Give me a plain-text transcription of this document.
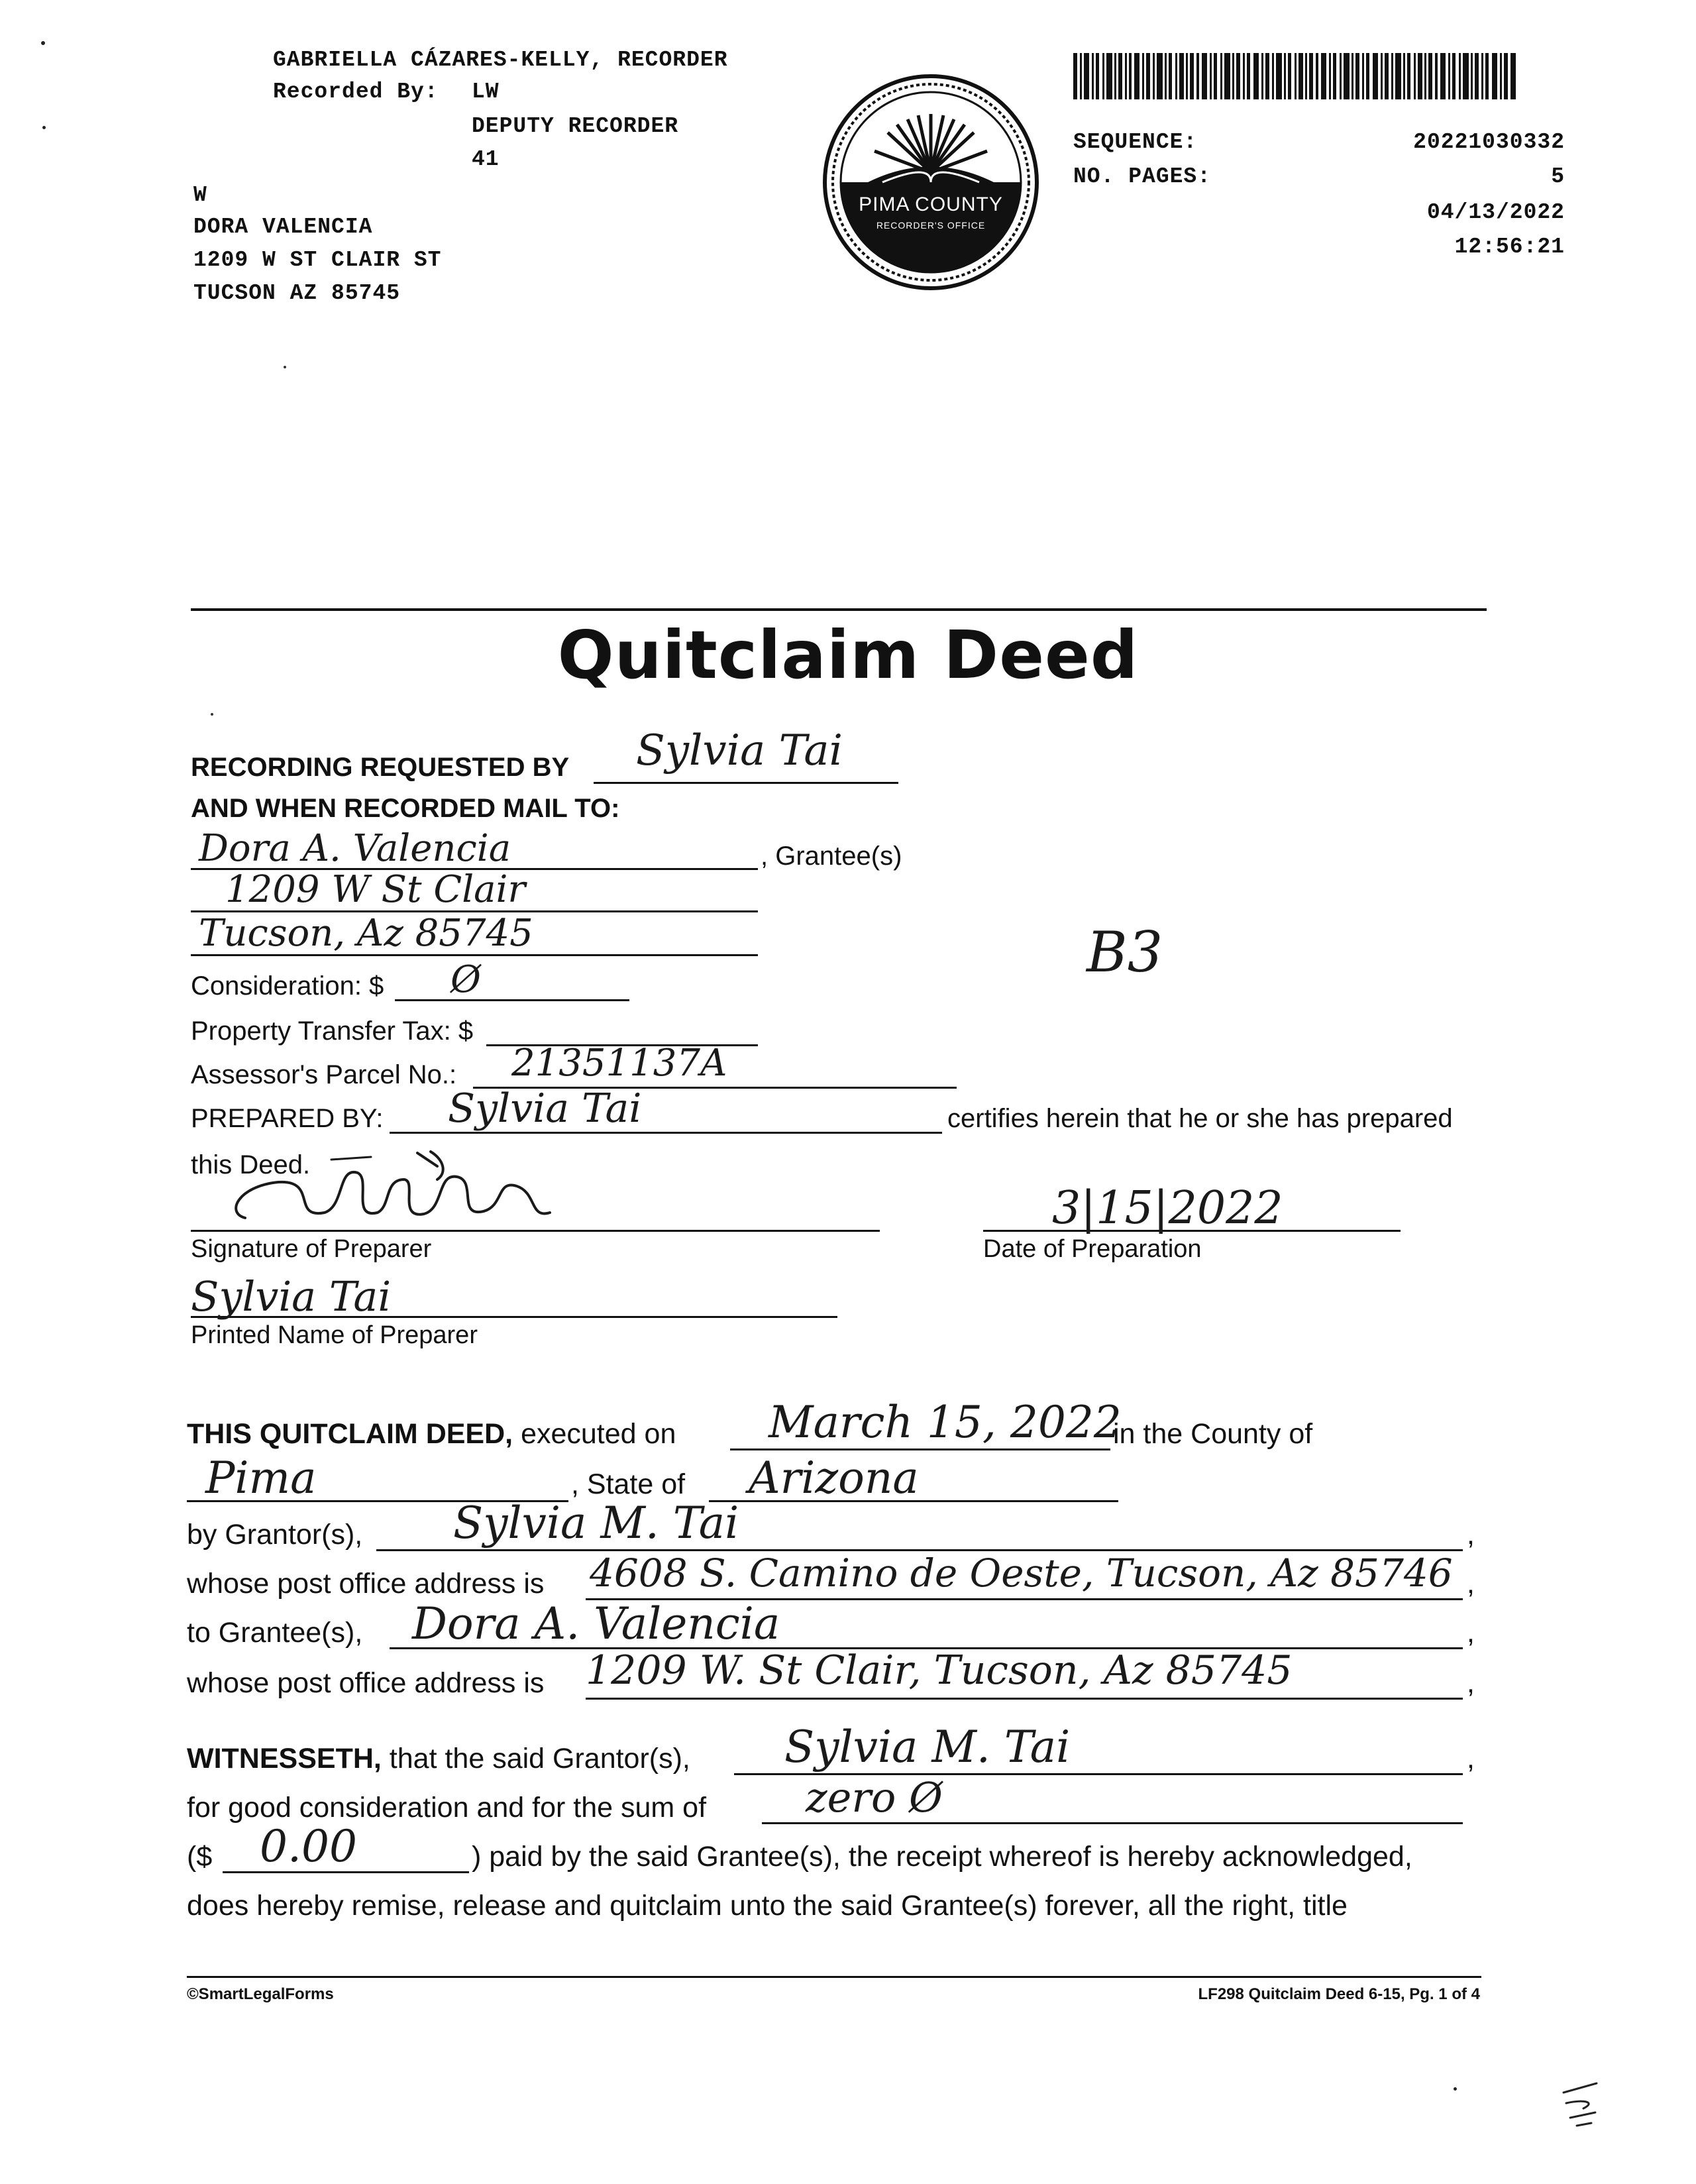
GABRIELLA CÁZARES-KELLY, RECORDER
Recorded By: LW
DEPUTY RECORDER
41
W
DORA VALENCIA
1209 W ST CLAIR ST
TUCSON AZ 85745
PIMA COUNTY
RECORDER'S OFFICE
SEQUENCE:	20221030332
NO. PAGES:	5
04/13/2022
12:56:21
Quitclaim Deed
RECORDING REQUESTED BY Sylvia Tai
AND WHEN RECORDED MAIL TO:
Dora A. Valencia	, Grantee(s)
1209 W St Clair
Tucson, Az 85745	B3
Consideration: $ Ø
Property Transfer Tax: $
Assessor's Parcel No.: 21351137A
PREPARED BY: Sylvia Tai	certifies herein that he or she has prepared
this Deed.
Signature of Preparer
3|15|2022
Date of Preparation
Sylvia Tai
Printed Name of Preparer
THIS QUITCLAIM DEED, executed on March 15, 2022
in the County of
Pima	, State of Arizona
by Grantor(s), Sylvia M. Tai	,
whose post office address is 4608 S. Camino de Oeste, Tucson, Az 85746 ,
to Grantee(s), Dora A. Valencia	,
whose post office address is 1209 W. St Clair, Tucson, Az 85745	,
WITNESSETH, that the said Grantor(s), Sylvia M. Tai	,
for good consideration and for the sum of zero Ø
($ 0.00	) paid by the said Grantee(s), the receipt whereof is hereby acknowledged,
does hereby remise, release and quitclaim unto the said Grantee(s) forever, all the right, title
©SmartLegalForms	LF298 Quitclaim Deed 6-15, Pg. 1 of 4
